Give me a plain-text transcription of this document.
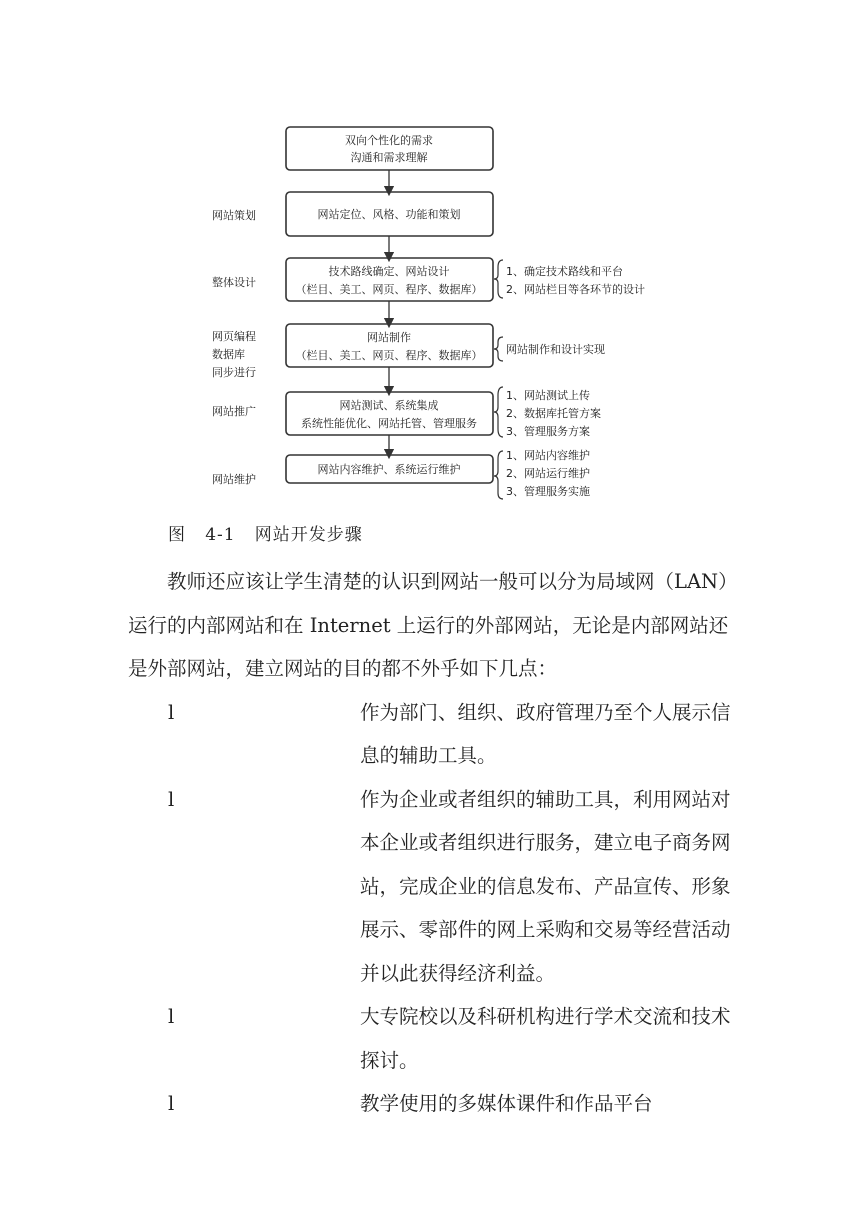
双向个性化的需求
沟通和需求理解
网站定位、风格、功能和策划
技术路线确定、网站设计
（栏目、美工、网页、程序、数据库）
网站制作
（栏目、美工、网页、程序、数据库）
网站测试、系统集成
系统性能优化、网站托管、管理服务
网站内容维护、系统运行维护
网站策划
整体设计
网页编程
数据库
同步进行
网站推广
网站维护
1、确定技术路线和平台
2、网站栏目等各环节的设计
网站制作和设计实现
1、网站测试上传
2、数据库托管方案
3、管理服务方案
1、网站内容维护
2、网站运行维护
3、管理服务实施
图   4-1   网站开发步骤

教师还应该让学生清楚的认识到网站一般可以分为局域网（LAN）运行的内部网站和在 Internet 上运行的外部网站，无论是内部网站还是外部网站，建立网站的目的都不外乎如下几点：

l	作为部门、组织、政府管理乃至个人展示信息的辅助工具。

l	作为企业或者组织的辅助工具，利用网站对本企业或者组织进行服务，建立电子商务网站，完成企业的信息发布、产品宣传、形象展示、零部件的网上采购和交易等经营活动并以此获得经济利益。

l	大专院校以及科研机构进行学术交流和技术探讨。

l	教学使用的多媒体课件和作品平台
